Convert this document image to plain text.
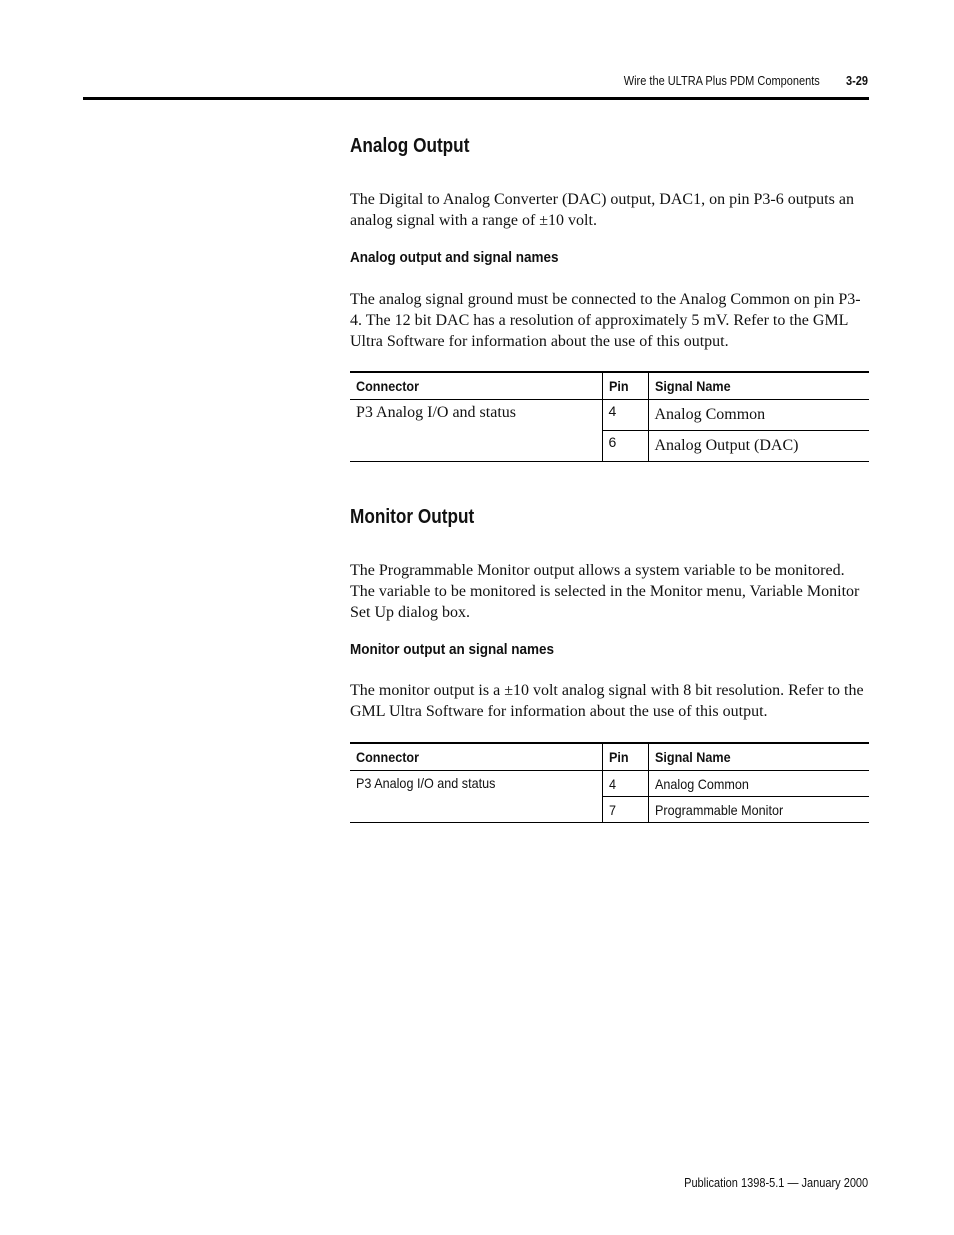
Wire the ULTRA Plus PDM Components 3-29
Analog Output

The Digital to Analog Converter (DAC) output, DAC1, on pin P3-6 outputs an analog signal with a range of ±10 volt.

Analog output and signal names

The analog signal ground must be connected to the Analog Common on pin P3-4. The 12 bit DAC has a resolution of approximately 5 mV. Refer to the GML Ultra Software for information about the use of this output.

Connector	Pin	Signal Name
P3 Analog I/O and status	4	Analog Common
	6	Analog Output (DAC)
Monitor Output

The Programmable Monitor output allows a system variable to be monitored. The variable to be monitored is selected in the Monitor menu, Variable Monitor Set Up dialog box.

Monitor output an signal names

The monitor output is a ±10 volt analog signal with 8 bit resolution. Refer to the GML Ultra Software for information about the use of this output.

Connector	Pin	Signal Name
P3 Analog I/O and status	4	Analog Common
	7	Programmable Monitor
Publication 1398-5.1 — January 2000
